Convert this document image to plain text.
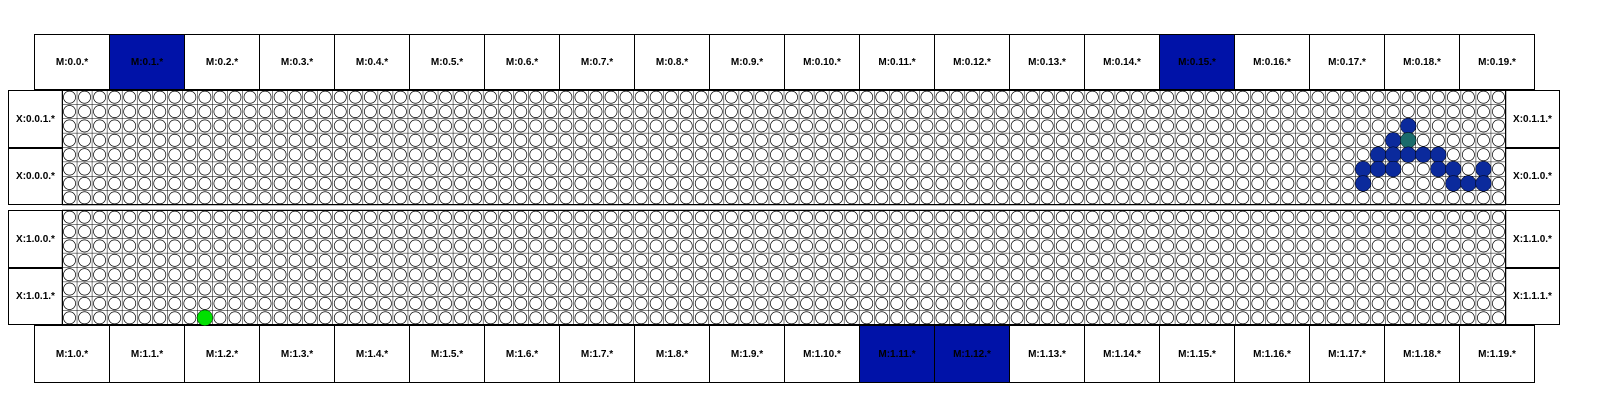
M:0.0.*	M:0.1.*	M:0.2.*	M:0.3.*	M:0.4.*	M:0.5.*	M:0.6.*	M:0.7.*	M:0.8.*	M:0.9.*	M:0.10.*	M:0.11.*	M:0.12.*	M:0.13.*	M:0.14.*	M:0.15.*	M:0.16.*	M:0.17.*	M:0.18.*	M:0.19.*
X:0.0.1.*
X:0.0.0.*
X:0.1.1.*
X:0.1.0.*
X:1.0.0.*
X:1.0.1.*
X:1.1.0.*
X:1.1.1.*
M:1.0.*	M:1.1.*	M:1.2.*	M:1.3.*	M:1.4.*	M:1.5.*	M:1.6.*	M:1.7.*	M:1.8.*	M:1.9.*	M:1.10.*	M:1.11.*	M:1.12.*	M:1.13.*	M:1.14.*	M:1.15.*	M:1.16.*	M:1.17.*	M:1.18.*	M:1.19.*
